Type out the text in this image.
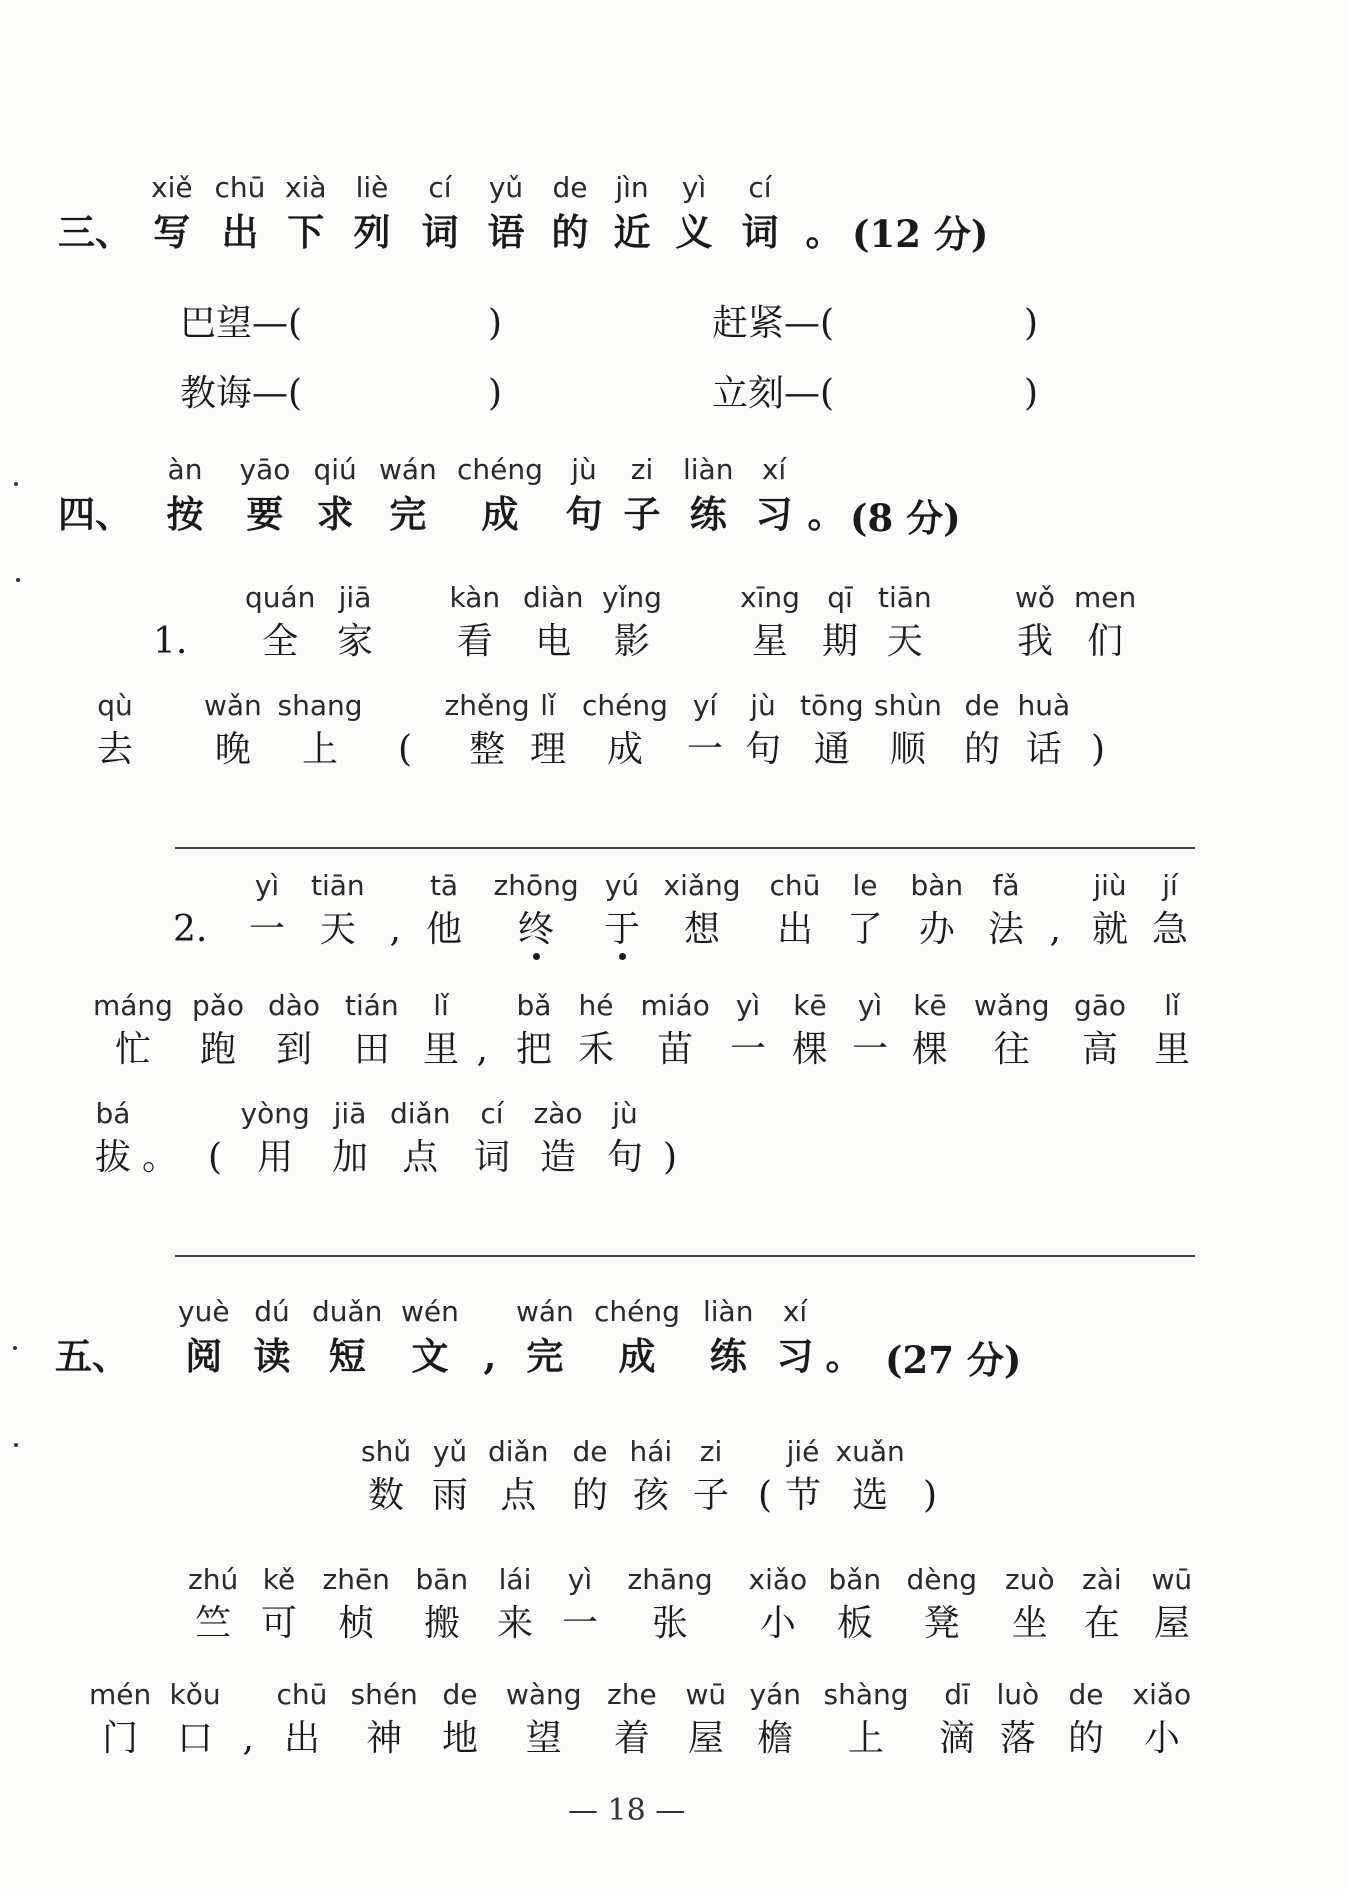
三、
xiě
写
chū
出
xià
下
liè
列
cí
词
yǔ
语
de
的
jìn
近
yì
义
cí
词 。 (12 分)
巴望—(	)	赶紧—(	)
教诲—(	)	立刻—(	)
四、
àn
按
yāo
要
qiú
求
wán
完
chéng
成
jù
句
zi
子
liàn
练
xí
习 。 (8 分)
1.
quán
全
jiā
家
kàn
看
diàn
电
yǐng
影
xīng
星
qī
期
tiān
天
wǒ
我
men
们
qù
去
wǎn
晚
shang
上 (
zhěng
整
lǐ
理
chéng
成
yí
一
jù
句
tōng
通
shùn
顺
de
的
huà
话 )
2.
yì
一
tiān
天 ,
tā
他
zhōng
终
yú
于
xiǎng
想
chū
出
le
了
bàn
办
fǎ
法 ,
jiù
就
jí
急
máng
忙
pǎo
跑
dào
到
tián
田
lǐ
里 ,
bǎ
把
hé
禾
miáo
苗
yì
一
kē
棵
yì
一
kē
棵
wǎng
往
gāo
高
lǐ
里
bá
拔 。 (
yòng
用
jiā
加
diǎn
点
cí
词
zào
造
jù
句 )
五、
yuè
阅
dú
读
duǎn
短
wén
文 ,
wán
完
chéng
成
liàn
练
xí
习 。 (27 分)
shǔ
数
yǔ
雨
diǎn
点
de
的
hái
孩
zi
子 (
jié
节
xuǎn
选 )
zhú
竺
kě
可
zhēn
桢
bān
搬
lái
来
yì
一
zhāng
张
xiǎo
小
bǎn
板
dèng
凳
zuò
坐
zài
在
wū
屋
mén
门
kǒu
口 ,
chū
出
shén
神
de
地
wàng
望
zhe
着
wū
屋
yán
檐
shàng
上
dī
滴
luò
落
de
的
xiǎo
小
— 18 —
